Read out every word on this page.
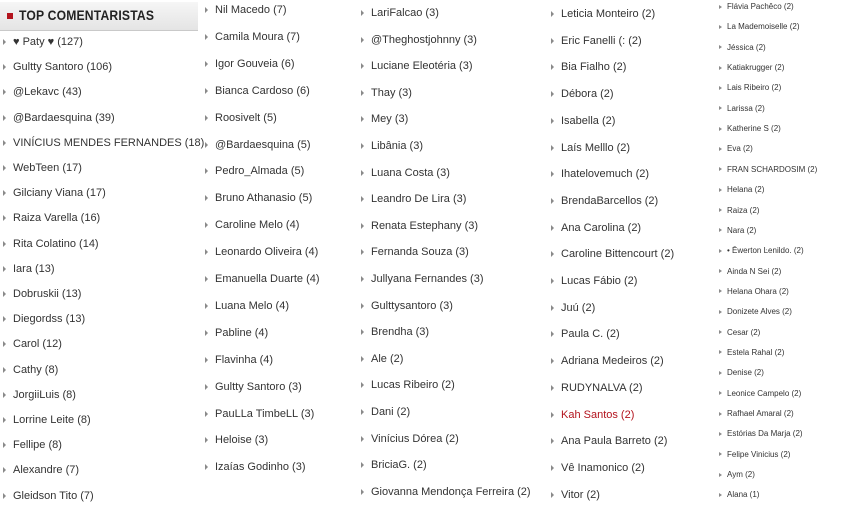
TOP COMENTARISTAS
♥ Paty ♥ (127)
Gultty Santoro (106)
@Lekavc (43)
@Bardaesquina (39)
VINÍCIUS MENDES FERNANDES (18)
WebTeen (17)
Gilciany Viana (17)
Raiza Varella (16)
Rita Colatino (14)
Iara (13)
Dobruskii (13)
Diegordss (13)
Carol (12)
Cathy (8)
JorgiiLuis (8)
Lorrine Leite (8)
Fellipe (8)
Alexandre (7)
Gleidson Tito (7)
Nil Macedo (7)
Camila Moura (7)
Igor Gouveia (6)
Bianca Cardoso (6)
Roosivelt (5)
@Bardaesquina (5)
Pedro_Almada (5)
Bruno Athanasio (5)
Caroline Melo (4)
Leonardo Oliveira (4)
Emanuella Duarte (4)
Luana Melo (4)
Pabline (4)
Flavinha (4)
Gultty Santoro (3)
PauLLa TimbeLL (3)
Heloise (3)
Izaías Godinho (3)
LariFalcao (3)
@Theghostjohnny (3)
Luciane Eleotéria (3)
Thay (3)
Mey (3)
Libânia (3)
Luana Costa (3)
Leandro De Lira (3)
Renata Estephany (3)
Fernanda Souza (3)
Jullyana Fernandes (3)
Gulttysantoro (3)
Brendha (3)
Ale (2)
Lucas Ribeiro (2)
Dani (2)
Vinícius Dórea (2)
BriciaG. (2)
Giovanna Mendonça Ferreira (2)
Leticia Monteiro (2)
Eric Fanelli (: (2)
Bia Fialho (2)
Débora (2)
Isabella (2)
Laís Melllo (2)
Ihatelovemuch (2)
BrendaBarcellos (2)
Ana Carolina (2)
Caroline Bittencourt (2)
Lucas Fábio (2)
Juú (2)
Paula C. (2)
Adriana Medeiros (2)
RUDYNALVA (2)
Kah Santos (2)
Ana Paula Barreto (2)
Vê Inamonico (2)
Vitor (2)
Flávia Pachêco (2)
La Mademoiselle (2)
Jéssica (2)
Katiakrugger (2)
Lais Ribeiro (2)
Larissa (2)
Katherine S (2)
Eva (2)
FRAN SCHARDOSIM (2)
Helana (2)
Raiza (2)
Nara (2)
• Ēwerton Ŀenildo. (2)
Ainda N Sei (2)
Helana Ohara (2)
Donizete Alves (2)
Cesar (2)
Estela Rahal (2)
Denise (2)
Leonice Campelo (2)
Rafhael Amaral (2)
Estórias Da Marja (2)
Felipe Vinicius (2)
Aym (2)
Alana (1)
